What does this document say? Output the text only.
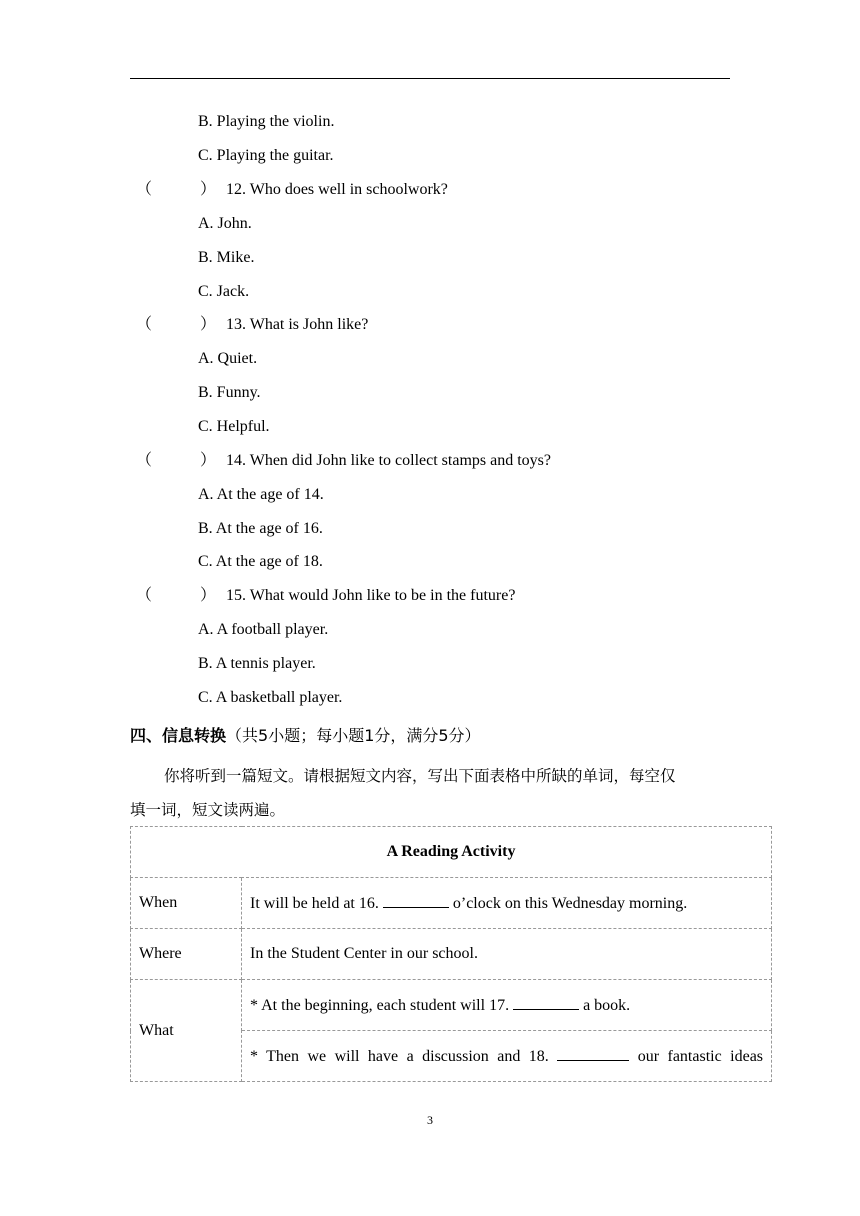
B. Playing the violin.
C. Playing the guitar.
（	） 12. Who does well in schoolwork?
A. John.
B. Mike.
C. Jack.
（	） 13. What is John like?
A. Quiet.
B. Funny.
C. Helpful.
（	） 14. When did John like to collect stamps and toys?
A. At the age of 14.
B. At the age of 16.
C. At the age of 18.
（	） 15. What would John like to be in the future?
A. A football player.
B. A tennis player.
C. A basketball player.
四、信息转换（共5小题；每小题1分，满分5分）
你将听到一篇短文。请根据短文内容，写出下面表格中所缺的单词，每空仅
填一词，短文读两遍。
A Reading Activity	
When	It will be held at 16. o’clock on this Wednesday morning.
Where	In the Student Center in our school.
What	* At the beginning, each student will 17. a book.
	* Then we will have a discussion and 18. our fantastic ideas
3
